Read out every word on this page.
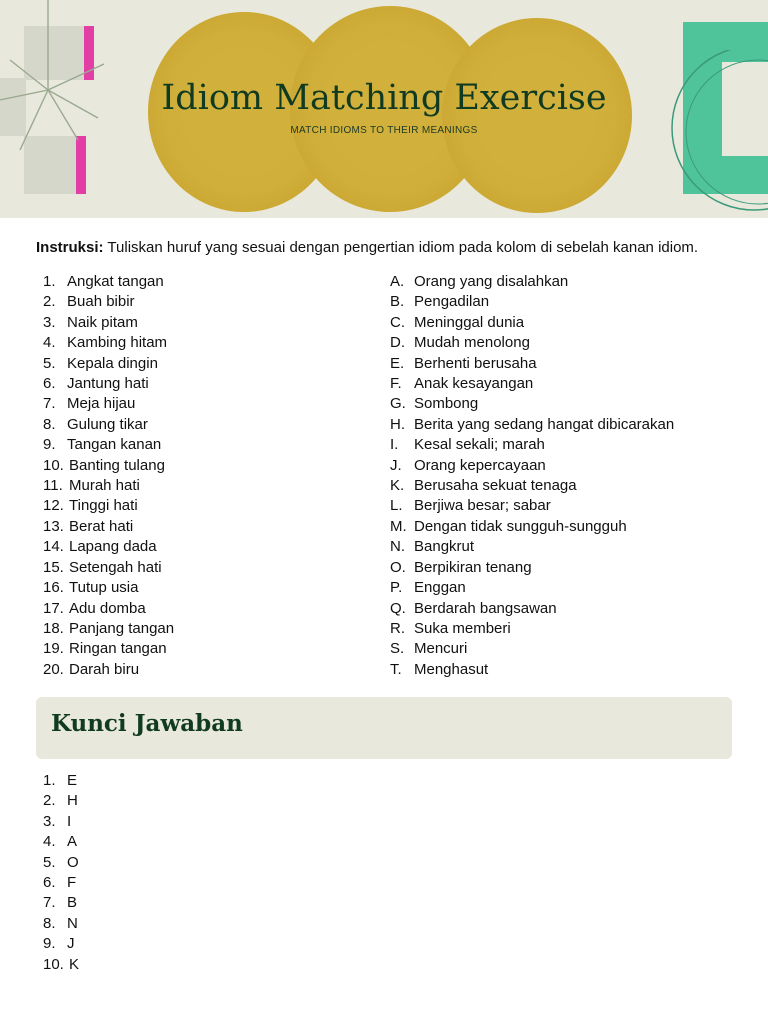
Idiom Matching Exercise
MATCH IDIOMS TO THEIR MEANINGS
Instruksi: Tuliskan huruf yang sesuai dengan pengertian idiom pada kolom di sebelah kanan idiom.
1. Angkat tangan
2. Buah bibir
3. Naik pitam
4. Kambing hitam
5. Kepala dingin
6. Jantung hati
7. Meja hijau
8. Gulung tikar
9. Tangan kanan
10. Banting tulang
11. Murah hati
12. Tinggi hati
13. Berat hati
14. Lapang dada
15. Setengah hati
16. Tutup usia
17. Adu domba
18. Panjang tangan
19. Ringan tangan
20. Darah biru
A. Orang yang disalahkan
B. Pengadilan
C. Meninggal dunia
D. Mudah menolong
E. Berhenti berusaha
F. Anak kesayangan
G. Sombong
H. Berita yang sedang hangat dibicarakan
I. Kesal sekali; marah
J. Orang kepercayaan
K. Berusaha sekuat tenaga
L. Berjiwa besar; sabar
M. Dengan tidak sungguh-sungguh
N. Bangkrut
O. Berpikiran tenang
P. Enggan
Q. Berdarah bangsawan
R. Suka memberi
S. Mencuri
T. Menghasut
Kunci Jawaban
1. E
2. H
3. I
4. A
5. O
6. F
7. B
8. N
9. J
10. K
